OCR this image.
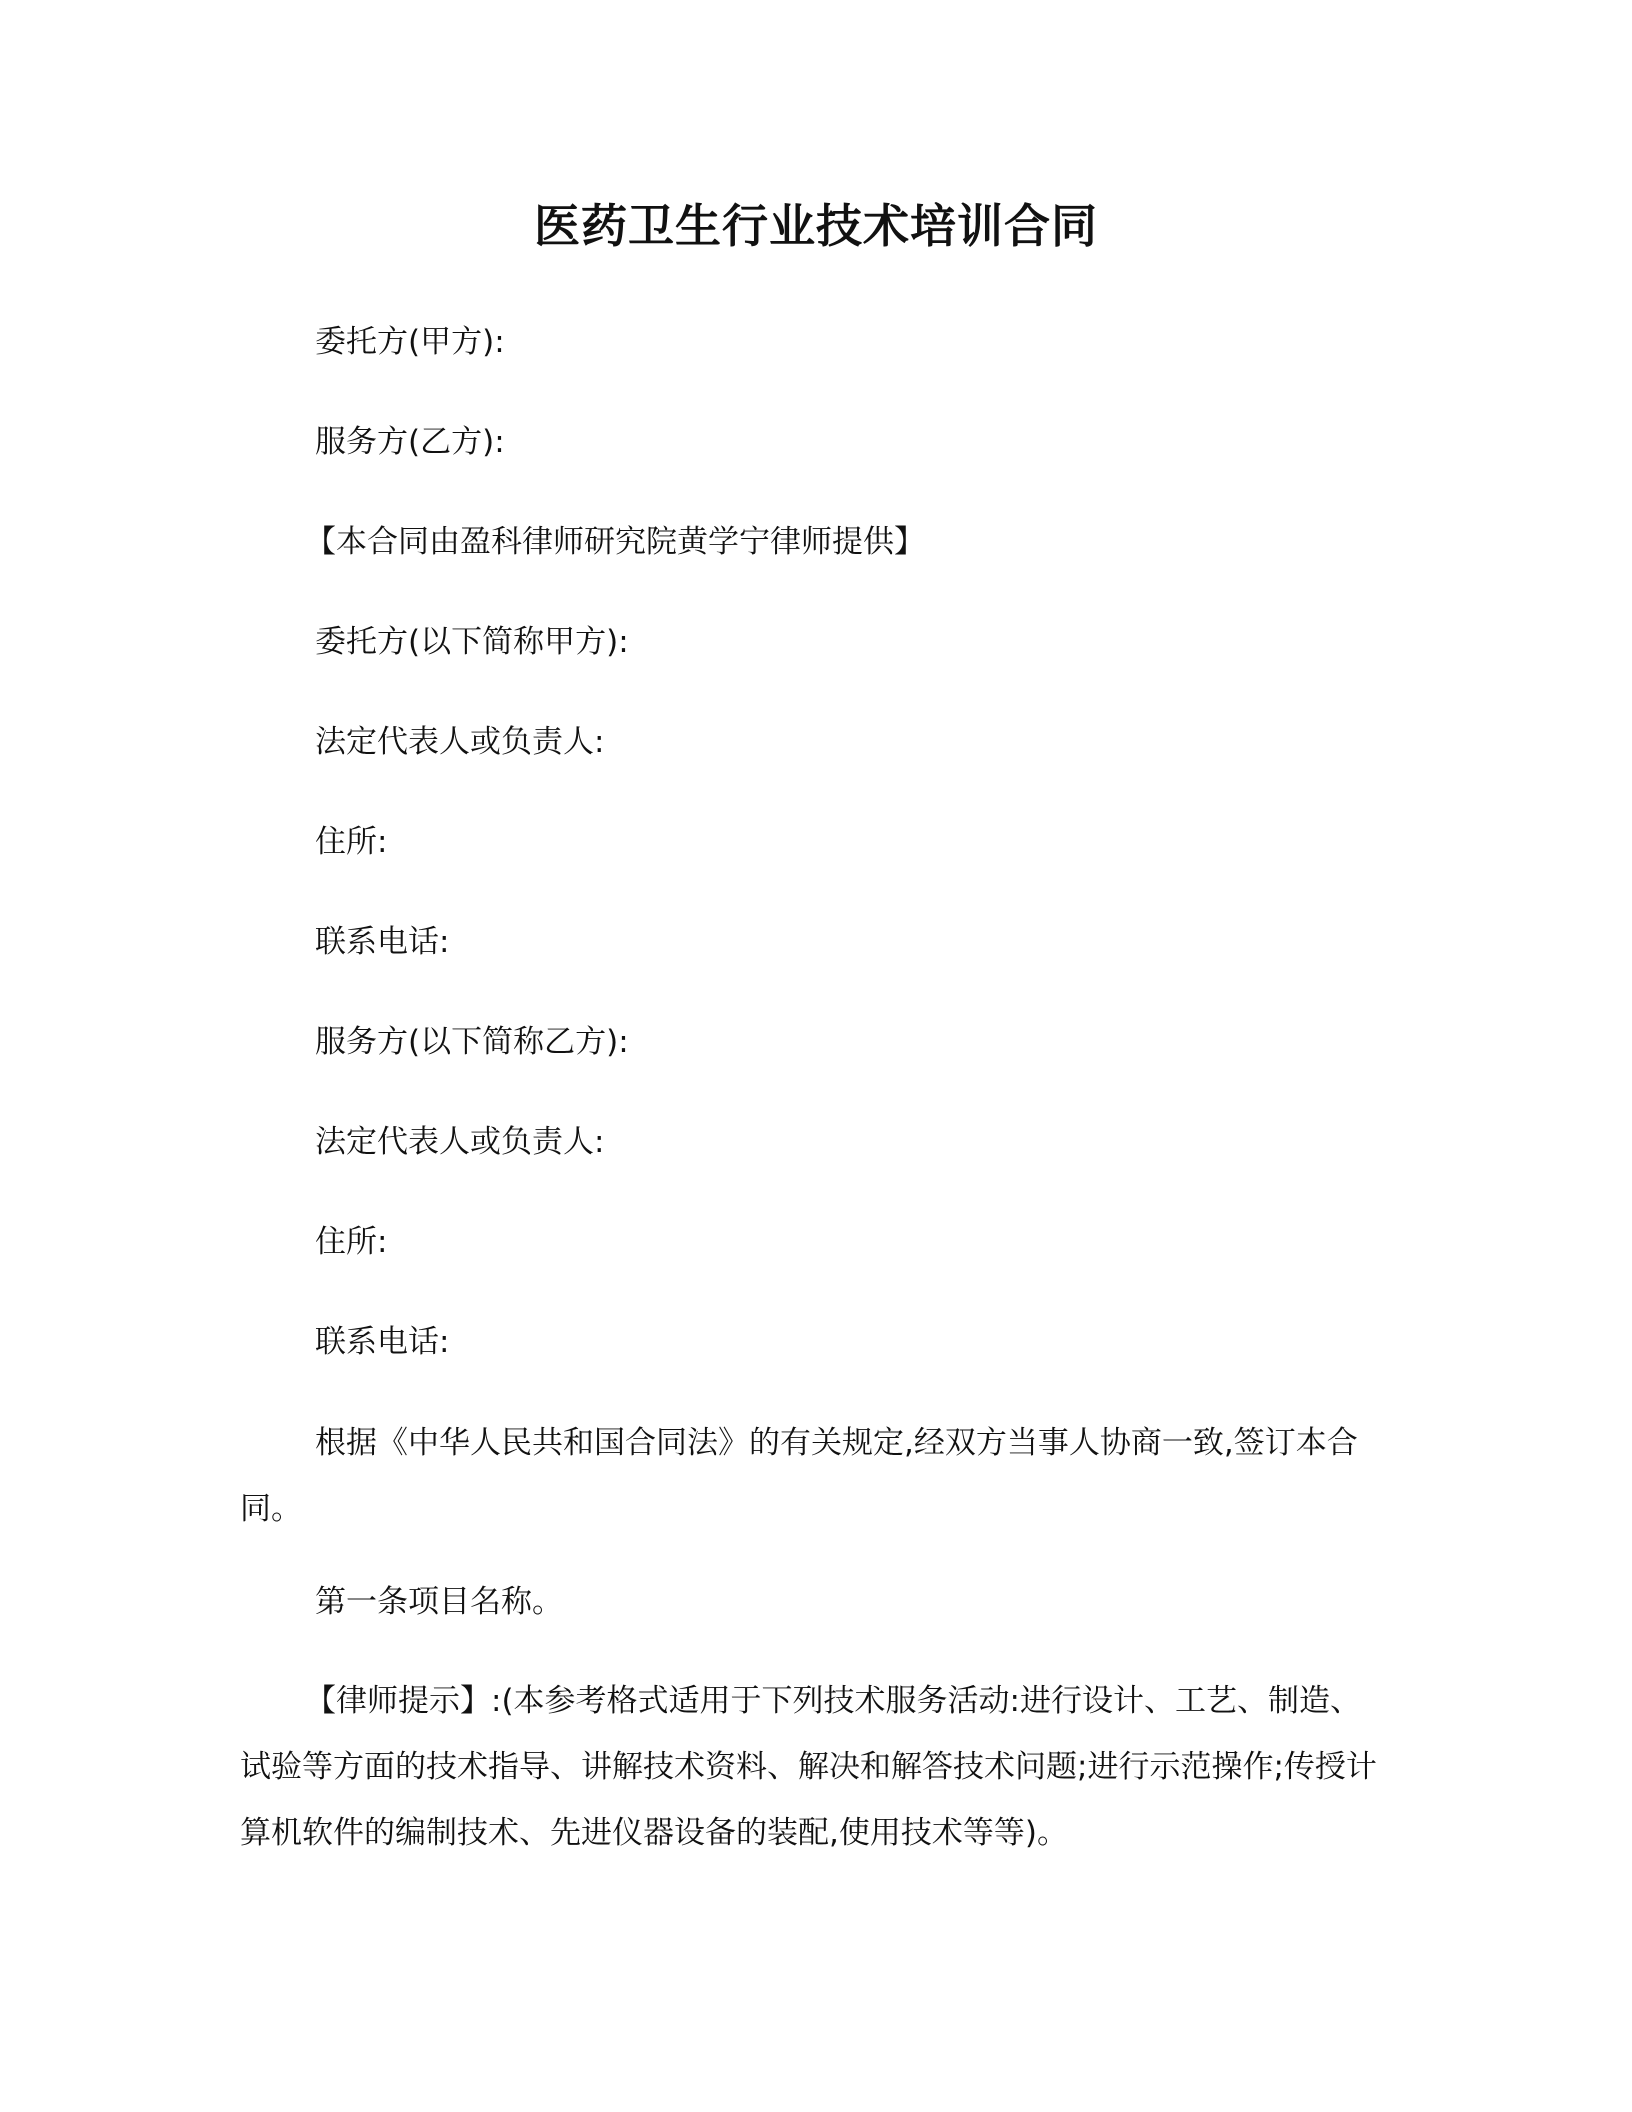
医药卫生行业技术培训合同
委托方(甲方):
服务方(乙方):
【本合同由盈科律师研究院黄学宁律师提供】
委托方(以下简称甲方):
法定代表人或负责人:
住所:
联系电话:
服务方(以下简称乙方):
法定代表人或负责人:
住所:
联系电话:
根据《中华人民共和国合同法》的有关规定,经双方当事人协商一致,签订本合同。
第一条项目名称。
【律师提示】:(本参考格式适用于下列技术服务活动:进行设计、工艺、制造、试验等方面的技术指导、讲解技术资料、解决和解答技术问题;进行示范操作;传授计算机软件的编制技术、先进仪器设备的装配,使用技术等等)。
